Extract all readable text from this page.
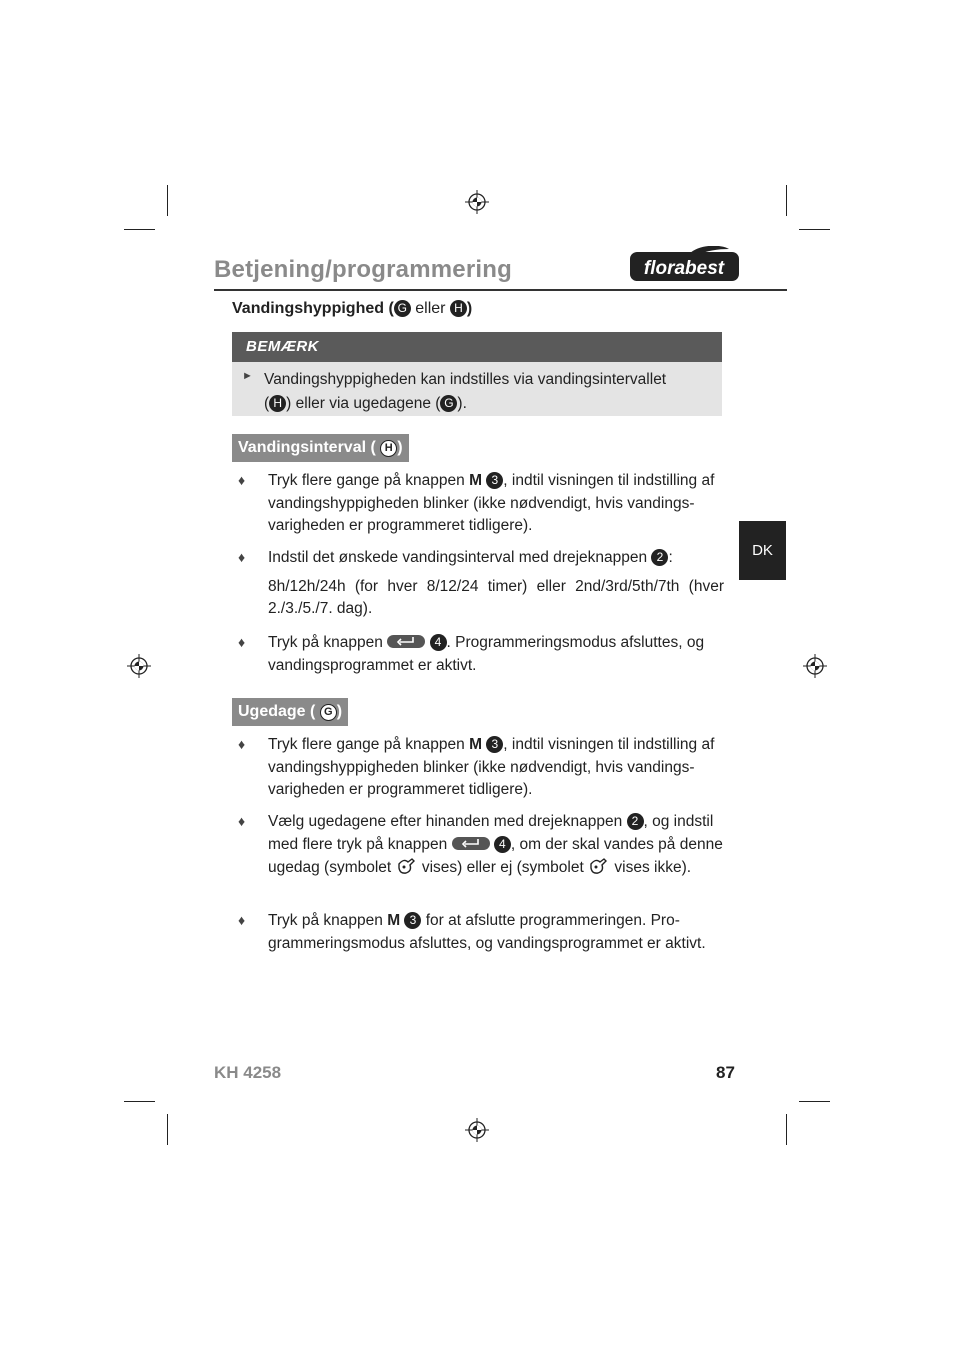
Betjening/programmering	florabest
Vandingshyppighed ( G eller H )
BEMÆRK
► Vandingshyppigheden kan indstilles via vandingsintervallet
( H ) eller via ugedagene ( G ).
Vandingsinterval ( H )
♦ Tryk flere gange på knappen M 3 , indtil visningen til indstilling af vandingshyppigheden blinker (ikke nødvendigt, hvis vandings-varigheden er programmeret tidligere).
♦ Indstil det ønskede vandingsinterval med drejeknappen 2 :
8h/12h/24h (for hver 8/12/24 timer) eller 2nd/3rd/5th/7th (hver 2./3./5./7. dag).
♦ Tryk på knappen	4 . Programmeringsmodus afsluttes, og vandingsprogrammet er aktivt.
Ugedage ( G )
♦ Tryk flere gange på knappen M 3 , indtil visningen til indstilling af vandingshyppigheden blinker (ikke nødvendigt, hvis vandings-varigheden er programmeret tidligere).
♦ Vælg ugedagene efter hinanden med drejeknappen 2 , og indstil med flere tryk på knappen	4 , om der skal vandes på denne ugedag (symbolet  vises) eller ej (symbolet  vises ikke).
♦ Tryk på knappen M 3 for at afslutte programmeringen. Pro-grammeringsmodus afsluttes, og vandingsprogrammet er aktivt.
DK
KH 4258	87
